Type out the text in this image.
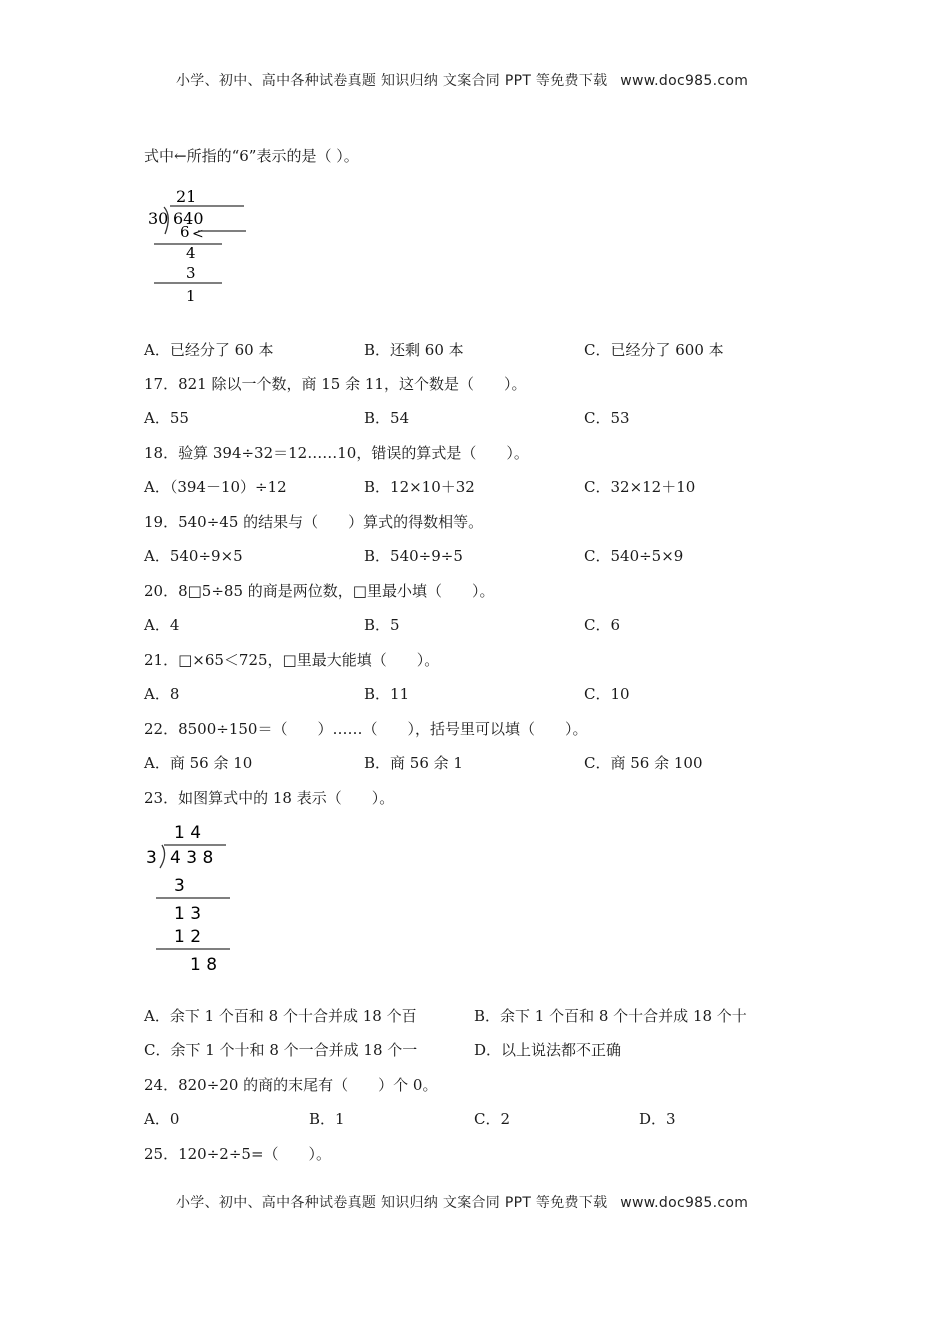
小学、初中、高中各种试卷真题 知识归纳 文案合同 PPT 等免费下载 www.doc985.com
式中←所指的“6”表示的是（ ）。
21
30 640
6 <
4
3
1
A．已经分了 60 本	B．还剩 60 本	C．已经分了 600 本
17．821 除以一个数，商 15 余 11，这个数是（　　）。
A．55	B．54	C．53
18．验算 394÷32＝12……10，错误的算式是（　　）。
A．（394－10）÷12	B．12×10＋32	C．32×12＋10
19．540÷45 的结果与（　　）算式的得数相等。
A．540÷9×5	B．540÷9÷5	C．540÷5×9
20．8□5÷85 的商是两位数，□里最小填（　　）。
A．4	B．5	C．6
21．□×65＜725，□里最大能填（　　）。
A．8	B．11	C．10
22．8500÷150＝（　　）……（　　），括号里可以填（　　）。
A．商 56 余 10	B．商 56 余 1	C．商 56 余 100
23．如图算式中的 18 表示（　　）。
1 4
3 4 3 8
3
1 3
1 2
1 8
A．余下 1 个百和 8 个十合并成 18 个百	B．余下 1 个百和 8 个十合并成 18 个十
C．余下 1 个十和 8 个一合并成 18 个一	D．以上说法都不正确
24．820÷20 的商的末尾有（　　）个 0。
A．0	B．1	C．2	D．3
25．120÷2÷5=（　　）。
小学、初中、高中各种试卷真题 知识归纳 文案合同 PPT 等免费下载 www.doc985.com
